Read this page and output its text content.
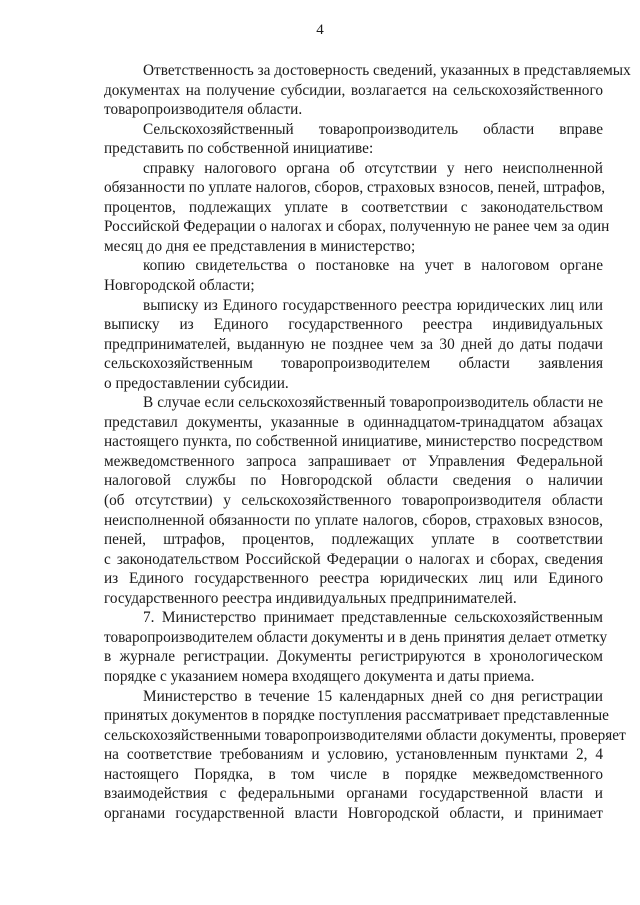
4
Ответственность за достоверность сведений, указанных в представляемых
документах на получение субсидии, возлагается на сельскохозяйственного
товаропроизводителя области.
Сельскохозяйственный товаропроизводитель области вправе
представить по собственной инициативе:
справку налогового органа об отсутствии у него неисполненной
обязанности по уплате налогов, сборов, страховых взносов, пеней, штрафов,
процентов, подлежащих уплате в соответствии с законодательством
Российской Федерации о налогах и сборах, полученную не ранее чем за один
месяц до дня ее представления в министерство;
копию свидетельства о постановке на учет в налоговом органе
Новгородской области;
выписку из Единого государственного реестра юридических лиц или
выписку из Единого государственного реестра индивидуальных
предпринимателей, выданную не позднее чем за 30 дней до даты подачи
сельскохозяйственным товаропроизводителем области заявления
о предоставлении субсидии.
В случае если сельскохозяйственный товаропроизводитель области не
представил документы, указанные в одиннадцатом-тринадцатом абзацах
настоящего пункта, по собственной инициативе, министерство посредством
межведомственного запроса запрашивает от Управления Федеральной
налоговой службы по Новгородской области сведения о наличии
(об отсутствии) у сельскохозяйственного товаропроизводителя области
неисполненной обязанности по уплате налогов, сборов, страховых взносов,
пеней, штрафов, процентов, подлежащих уплате в соответствии
с законодательством Российской Федерации о налогах и сборах, сведения
из Единого государственного реестра юридических лиц или Единого
государственного реестра индивидуальных предпринимателей.
7. Министерство принимает представленные сельскохозяйственным
товаропроизводителем области документы и в день принятия делает отметку
в журнале регистрации. Документы регистрируются в хронологическом
порядке с указанием номера входящего документа и даты приема.
Министерство в течение 15 календарных дней со дня регистрации
принятых документов в порядке поступления рассматривает представленные
сельскохозяйственными товаропроизводителями области документы, проверяет
на соответствие требованиям и условию, установленным пунктами 2, 4
настоящего Порядка, в том числе в порядке межведомственного
взаимодействия с федеральными органами государственной власти и
органами государственной власти Новгородской области, и принимает
